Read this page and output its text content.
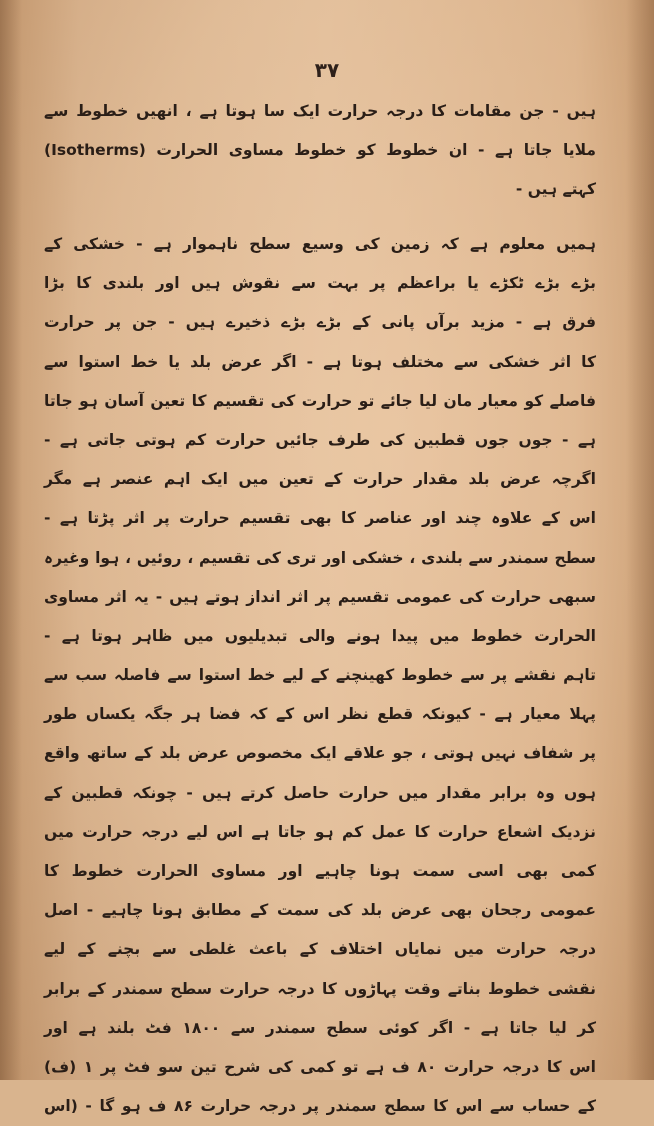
۳۷
ہیں - جن مقامات کا درجہ حرارت ایک سا ہوتا ہے ، انھیں خطوط سے
ملایا جاتا ہے - ان خطوط کو خطوط مساوی الحرارت (Isotherms)
کہتے ہیں -
ہمیں معلوم ہے کہ زمین کی وسیع سطح ناہموار ہے - خشکی کے
بڑے بڑے ٹکڑے یا براعظم پر بہت سے نقوش ہیں اور بلندی کا بڑا
فرق ہے - مزید برآں پانی کے بڑے بڑے ذخیرے ہیں - جن پر حرارت
کا اثر خشکی سے مختلف ہوتا ہے - اگر عرض بلد یا خط استوا سے
فاصلے کو معیار مان لیا جائے تو حرارت کی تقسیم کا تعین آسان ہو جاتا
ہے - جوں جوں قطبین کی طرف جائیں حرارت کم ہوتی جاتی ہے -
اگرچہ عرض بلد مقدار حرارت کے تعین میں ایک اہم عنصر ہے مگر
اس کے علاوہ چند اور عناصر کا بھی تقسیم حرارت پر اثر پڑتا ہے -
سطح سمندر سے بلندی ، خشکی اور تری کی تقسیم ، روئیں ، ہوا وغیرہ
سبھی حرارت کی عمومی تقسیم پر اثر انداز ہوتے ہیں - یہ اثر مساوی
الحرارت خطوط میں پیدا ہونے والی تبدیلیوں میں ظاہر ہوتا ہے -
تاہم نقشے پر سے خطوط کھینچنے کے لیے خط استوا سے فاصلہ سب سے
پہلا معیار ہے - کیونکہ قطع نظر اس کے کہ فضا ہر جگہ یکساں طور
پر شفاف نہیں ہوتی ، جو علاقے ایک مخصوص عرض بلد کے ساتھ واقع
ہوں وہ برابر مقدار میں حرارت حاصل کرتے ہیں - چونکہ قطبین کے
نزدیک اشعاع حرارت کا عمل کم ہو جاتا ہے اس لیے درجہ حرارت میں
کمی بھی اسی سمت ہونا چاہیے اور مساوی الحرارت خطوط کا
عمومی رجحان بھی عرض بلد کی سمت کے مطابق ہونا چاہیے - اصل
درجہ حرارت میں نمایاں اختلاف کے باعث غلطی سے بچنے کے لیے
نقشی خطوط بناتے وقت پہاڑوں کا درجہ حرارت سطح سمندر کے برابر
کر لیا جاتا ہے - اگر کوئی سطح سمندر سے ۱۸۰۰ فٹ بلند ہے اور
اس کا درجہ حرارت ۸۰ ف ہے تو کمی کی شرح تین سو فٹ پر ۱ (ف)
کے حساب سے اس کا سطح سمندر پر درجہ حرارت ۸۶ ف ہو گا - (اس
